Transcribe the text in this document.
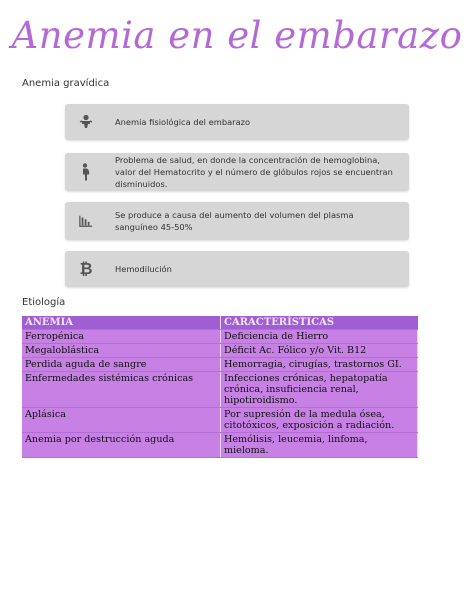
Anemia en el embarazo
Anemia gravídica
Anemia fisiológica del embarazo
Problema de salud, en donde la concentración de hemoglobina, valor del Hematocrito y el número de glóbulos rojos se encuentran disminuidos.
Se produce a causa del aumento del volumen del plasma sanguíneo 45-50%
₿	Hemodilución
Etiología
ANEMIA	CARACTERÍSTICAS
Ferropénica	Deficiencia de Hierro
Megaloblástica	Déficit Ac. Fólico y/o Vit. B12
Perdida aguda de sangre	Hemorragia, cirugías, trastornos GI.
Enfermedades sistémicas crónicas	Infecciones crónicas, hepatopatía crónica, insuficiencia renal, hipotiroidismo.
Aplásica	Por supresión de la medula ósea, citotóxicos, exposición a radiación.
Anemia por destrucción aguda	Hemólisis, leucemia, linfoma, mieloma.
